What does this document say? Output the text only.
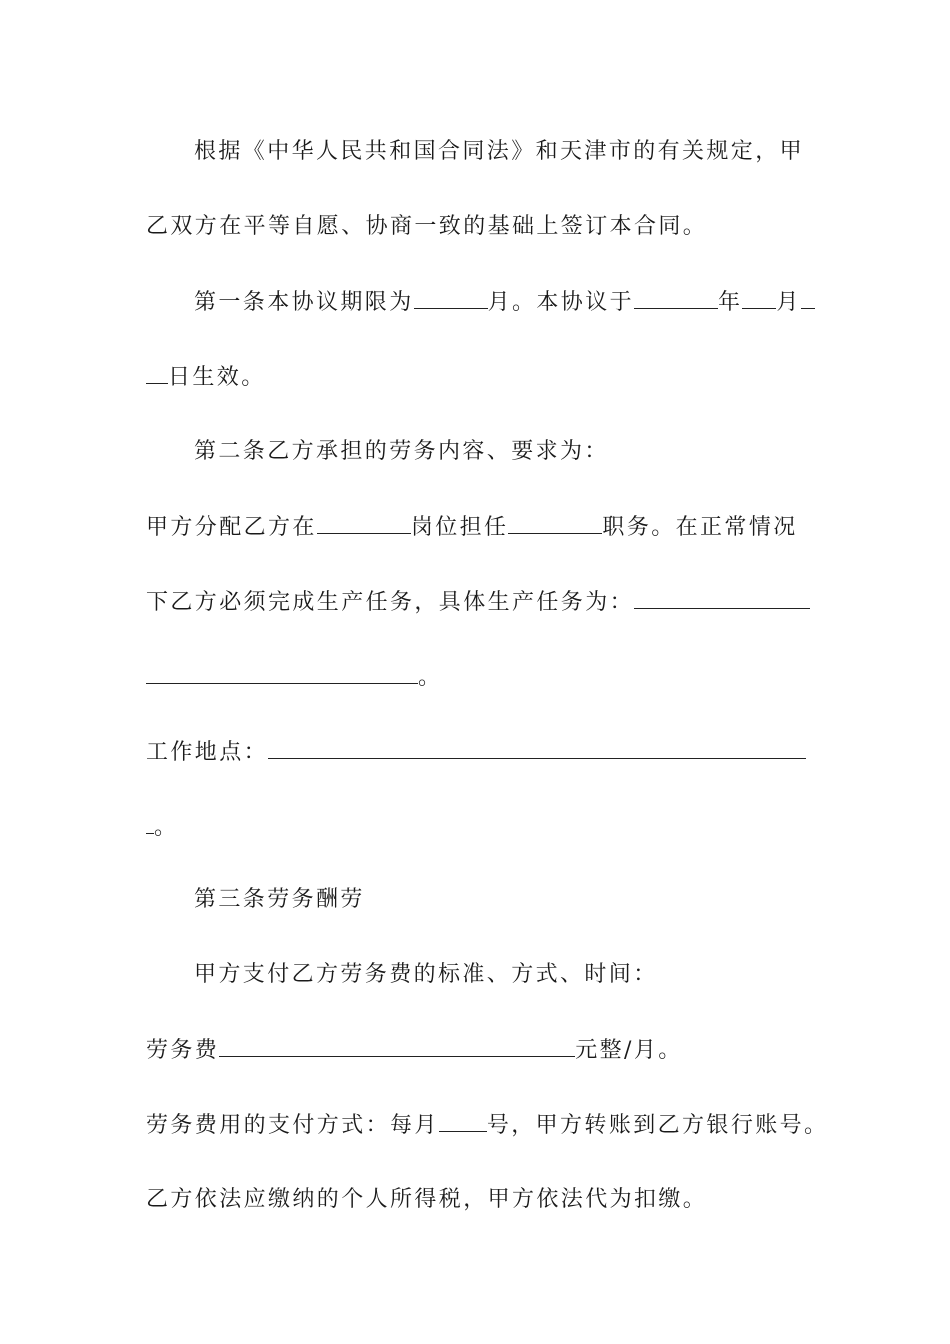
根据《中华人民共和国合同法》和天津市的有关规定，甲
乙双方在平等自愿、协商一致的基础上签订本合同。
第一条本协议期限为	月。本协议于	年 月
日生效。
第二条乙方承担的劳务内容、要求为：
甲方分配乙方在	岗位担任	职务。在正常情况
下乙方必须完成生产任务，具体生产任务为：
。
工作地点：
。
第三条劳务酬劳
甲方支付乙方劳务费的标准、方式、时间：
劳务费	元整/月。
劳务费用的支付方式：每月 号，甲方转账到乙方银行账号。
乙方依法应缴纳的个人所得税，甲方依法代为扣缴。
